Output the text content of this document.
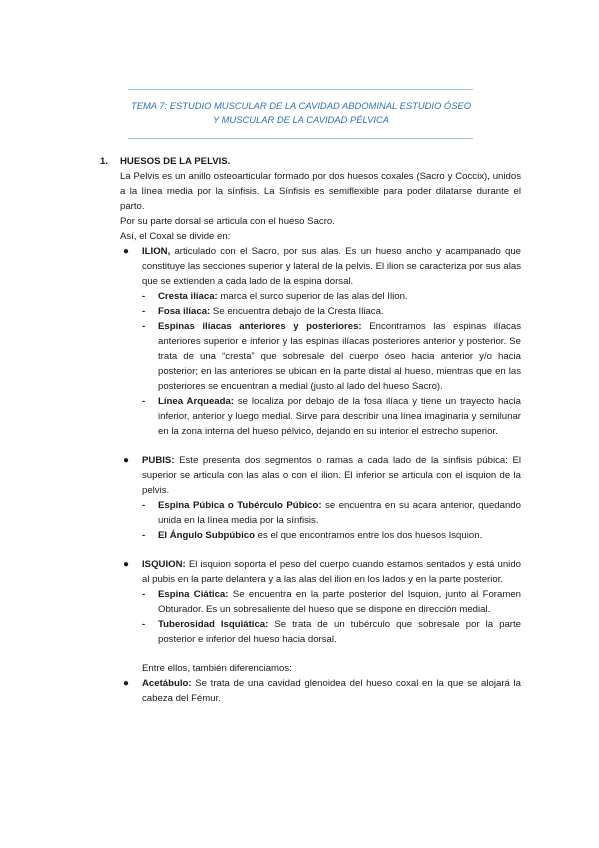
TEMA 7: ESTUDIO MUSCULAR DE LA CAVIDAD ABDOMINAL ESTUDIO ÓSEO
Y MUSCULAR DE LA CAVIDAD PÉLVICA
1. HUESOS DE LA PELVIS.

La Pelvis es un anillo osteoarticular formado por dos huesos coxales (Sacro y Coccix), unidos a la línea media por la sínfisis. La Sínfisis es semiflexible para poder dilatarse durante el parto.

Por su parte dorsal se articula con el hueso Sacro.

Así, el Coxal se divide en:

● ILION, articulado con el Sacro, por sus alas. Es un hueso ancho y acampanado que constituye las secciones superior y lateral de la pelvis. El ilion se caracteriza por sus alas que se extienden a cada lado de la espina dorsal.
- Cresta ilíaca: marca el surco superior de las alas del Ilion.
- Fosa ilíaca: Se encuentra debajo de la Cresta Iliaca.
- Espinas ilíacas anteriores y posteriores: Encontramos las espinas ilíacas anteriores superior e inferior y las espinas ilíacas posteriores anterior y posterior. Se trata de una “cresta” que sobresale del cuerpo óseo hacia anterior y/o hacia posterior; en las anteriores se ubican en la parte distal al hueso, mientras que en las posteriores se encuentran a medial (justo al lado del hueso Sacro).
- Línea Arqueada: se localiza por debajo de la fosa ilíaca y tiene un trayecto hacia inferior, anterior y luego medial. Sirve para describir una línea imaginaria y semilunar en la zona interna del hueso pélvico, dejando en su interior el estrecho superior.
● PUBIS: Este presenta dos segmentos o ramas a cada lado de la sínfisis púbica: El superior se articula con las alas o con el ilion. El inferior se articula con el isquion de la pelvis.
- Espina Púbica o Tubérculo Púbico: se encuentra en su acara anterior, quedando unida en la línea media por la sínfisis.
- El Ángulo Subpúbico es el que encontramos entre los dos huesos Isquion.
● ISQUION: El isquion soporta el peso del cuerpo cuando estamos sentados y está unido al pubis en la parte delantera y a las alas del ilion en los lados y en la parte posterior.
- Espina Ciática: Se encuentra en la parte posterior del Isquion, junto al Foramen Obturador. Es un sobresaliente del hueso que se dispone en dirección medial.
- Tuberosidad Isquiática: Se trata de un tubérculo que sobresale por la parte posterior e inferior del hueso hacia dorsal.

Entre ellos, también diferenciamos:

● Acetábulo: Se trata de una cavidad glenoidea del hueso coxal en la que se alojará la cabeza del Fémur.
